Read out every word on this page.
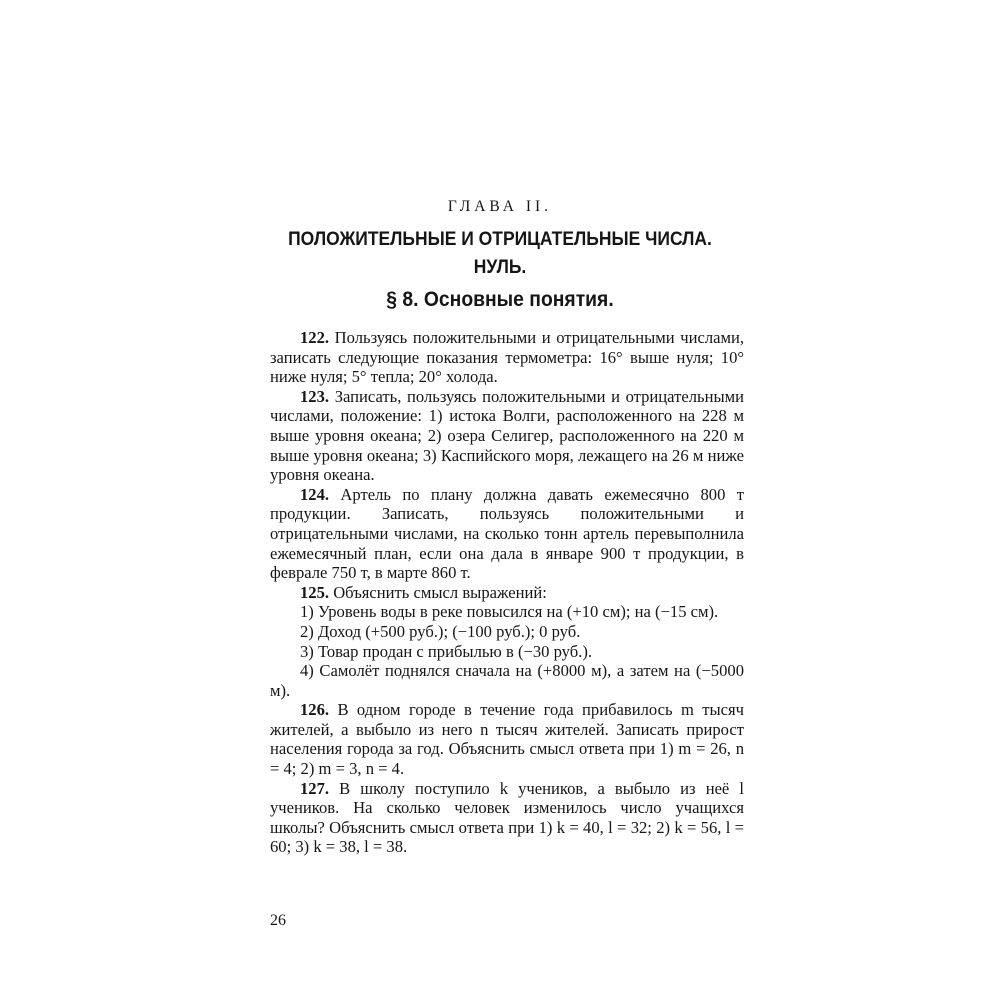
ГЛАВА II.
ПОЛОЖИТЕЛЬНЫЕ И ОТРИЦАТЕЛЬНЫЕ ЧИСЛА.
НУЛЬ.
§ 8. Основные понятия.

122. Пользуясь положительными и отрицательными числами, записать следующие показания термометра: 16° выше нуля; 10° ниже нуля; 5° тепла; 20° холода.

123. Записать, пользуясь положительными и отрицательными числами, положение: 1) истока Волги, расположенного на 228 м выше уровня океана; 2) озера Селигер, расположенного на 220 м выше уровня океана; 3) Каспийского моря, лежащего на 26 м ниже уровня океана.

124. Артель по плану должна давать ежемесячно 800 т продукции. Записать, пользуясь положительными и отрицательными числами, на сколько тонн артель перевыполнила ежемесячный план, если она дала в январе 900 т продукции, в феврале 750 т, в марте 860 т.

125. Объяснить смысл выражений:

1) Уровень воды в реке повысился на (+10 см); на (−15 см).

2) Доход (+500 руб.); (−100 руб.); 0 руб.

3) Товар продан с прибылью в (−30 руб.).

4) Самолёт поднялся сначала на (+8000 м), а затем на (−5000 м).

126. В одном городе в течение года прибавилось m тысяч жителей, а выбыло из него n тысяч жителей. Записать прирост населения города за год. Объяснить смысл ответа при 1) m = 26, n = 4; 2) m = 3, n = 4.

127. В школу поступило k учеников, а выбыло из неё l учеников. На сколько человек изменилось число учащихся школы? Объяснить смысл ответа при 1) k = 40, l = 32; 2) k = 56, l = 60; 3) k = 38, l = 38.

26
